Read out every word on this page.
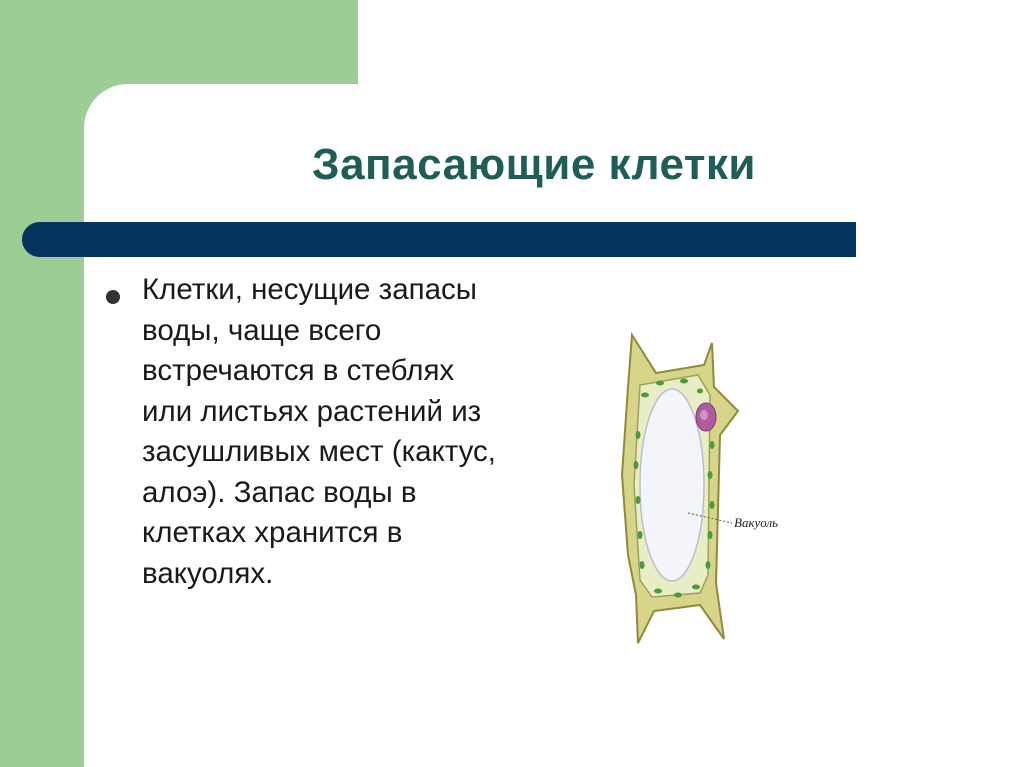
Запасающие клетки
Клетки, несущие запасы воды, чаще всего встречаются в стеблях или листьях растений из засушливых мест (кактус, алоэ). Запас воды в клетках хранится в вакуолях.
Вакуоль
